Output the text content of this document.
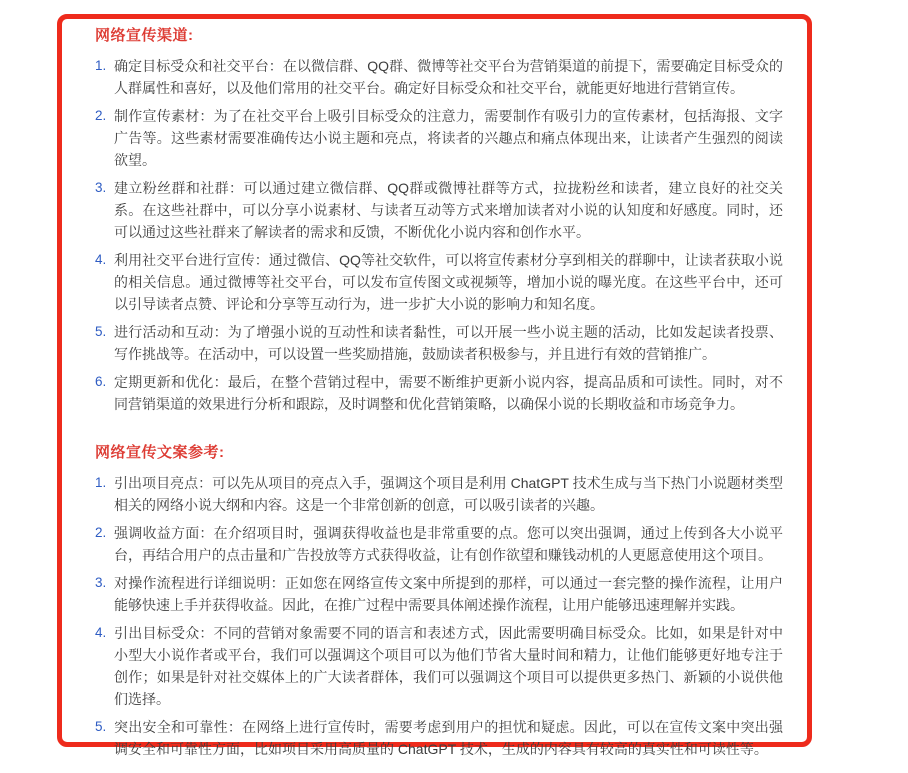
网络宣传渠道:
1. 确定目标受众和社交平台：在以微信群、QQ群、微博等社交平台为营销渠道的前提下，需要确定目标受众的人群属性和喜好，以及他们常用的社交平台。确定好目标受众和社交平台，就能更好地进行营销宣传。
2. 制作宣传素材：为了在社交平台上吸引目标受众的注意力，需要制作有吸引力的宣传素材，包括海报、文字广告等。这些素材需要准确传达小说主题和亮点，将读者的兴趣点和痛点体现出来，让读者产生强烈的阅读欲望。
3. 建立粉丝群和社群：可以通过建立微信群、QQ群或微博社群等方式，拉拢粉丝和读者，建立良好的社交关系。在这些社群中，可以分享小说素材、与读者互动等方式来增加读者对小说的认知度和好感度。同时，还可以通过这些社群来了解读者的需求和反馈，不断优化小说内容和创作水平。
4. 利用社交平台进行宣传：通过微信、QQ等社交软件，可以将宣传素材分享到相关的群聊中，让读者获取小说的相关信息。通过微博等社交平台，可以发布宣传图文或视频等，增加小说的曝光度。在这些平台中，还可以引导读者点赞、评论和分享等互动行为，进一步扩大小说的影响力和知名度。
5. 进行活动和互动：为了增强小说的互动性和读者黏性，可以开展一些小说主题的活动，比如发起读者投票、写作挑战等。在活动中，可以设置一些奖励措施，鼓励读者积极参与，并且进行有效的营销推广。
6. 定期更新和优化：最后，在整个营销过程中，需要不断维护更新小说内容，提高品质和可读性。同时，对不同营销渠道的效果进行分析和跟踪，及时调整和优化营销策略，以确保小说的长期收益和市场竞争力。
网络宣传文案参考:
1. 引出项目亮点：可以先从项目的亮点入手，强调这个项目是利用 ChatGPT 技术生成与当下热门小说题材类型相关的网络小说大纲和内容。这是一个非常创新的创意，可以吸引读者的兴趣。
2. 强调收益方面：在介绍项目时，强调获得收益也是非常重要的点。您可以突出强调，通过上传到各大小说平台，再结合用户的点击量和广告投放等方式获得收益，让有创作欲望和赚钱动机的人更愿意使用这个项目。
3. 对操作流程进行详细说明：正如您在网络宣传文案中所提到的那样，可以通过一套完整的操作流程，让用户能够快速上手并获得收益。因此，在推广过程中需要具体阐述操作流程，让用户能够迅速理解并实践。
4. 引出目标受众：不同的营销对象需要不同的语言和表述方式，因此需要明确目标受众。比如，如果是针对中小型大小说作者或平台，我们可以强调这个项目可以为他们节省大量时间和精力，让他们能够更好地专注于创作；如果是针对社交媒体上的广大读者群体，我们可以强调这个项目可以提供更多热门、新颖的小说供他们选择。
5. 突出安全和可靠性：在网络上进行宣传时，需要考虑到用户的担忧和疑虑。因此，可以在宣传文案中突出强调安全和可靠性方面，比如项目采用高质量的 ChatGPT 技术，生成的内容具有较高的真实性和可读性等。
